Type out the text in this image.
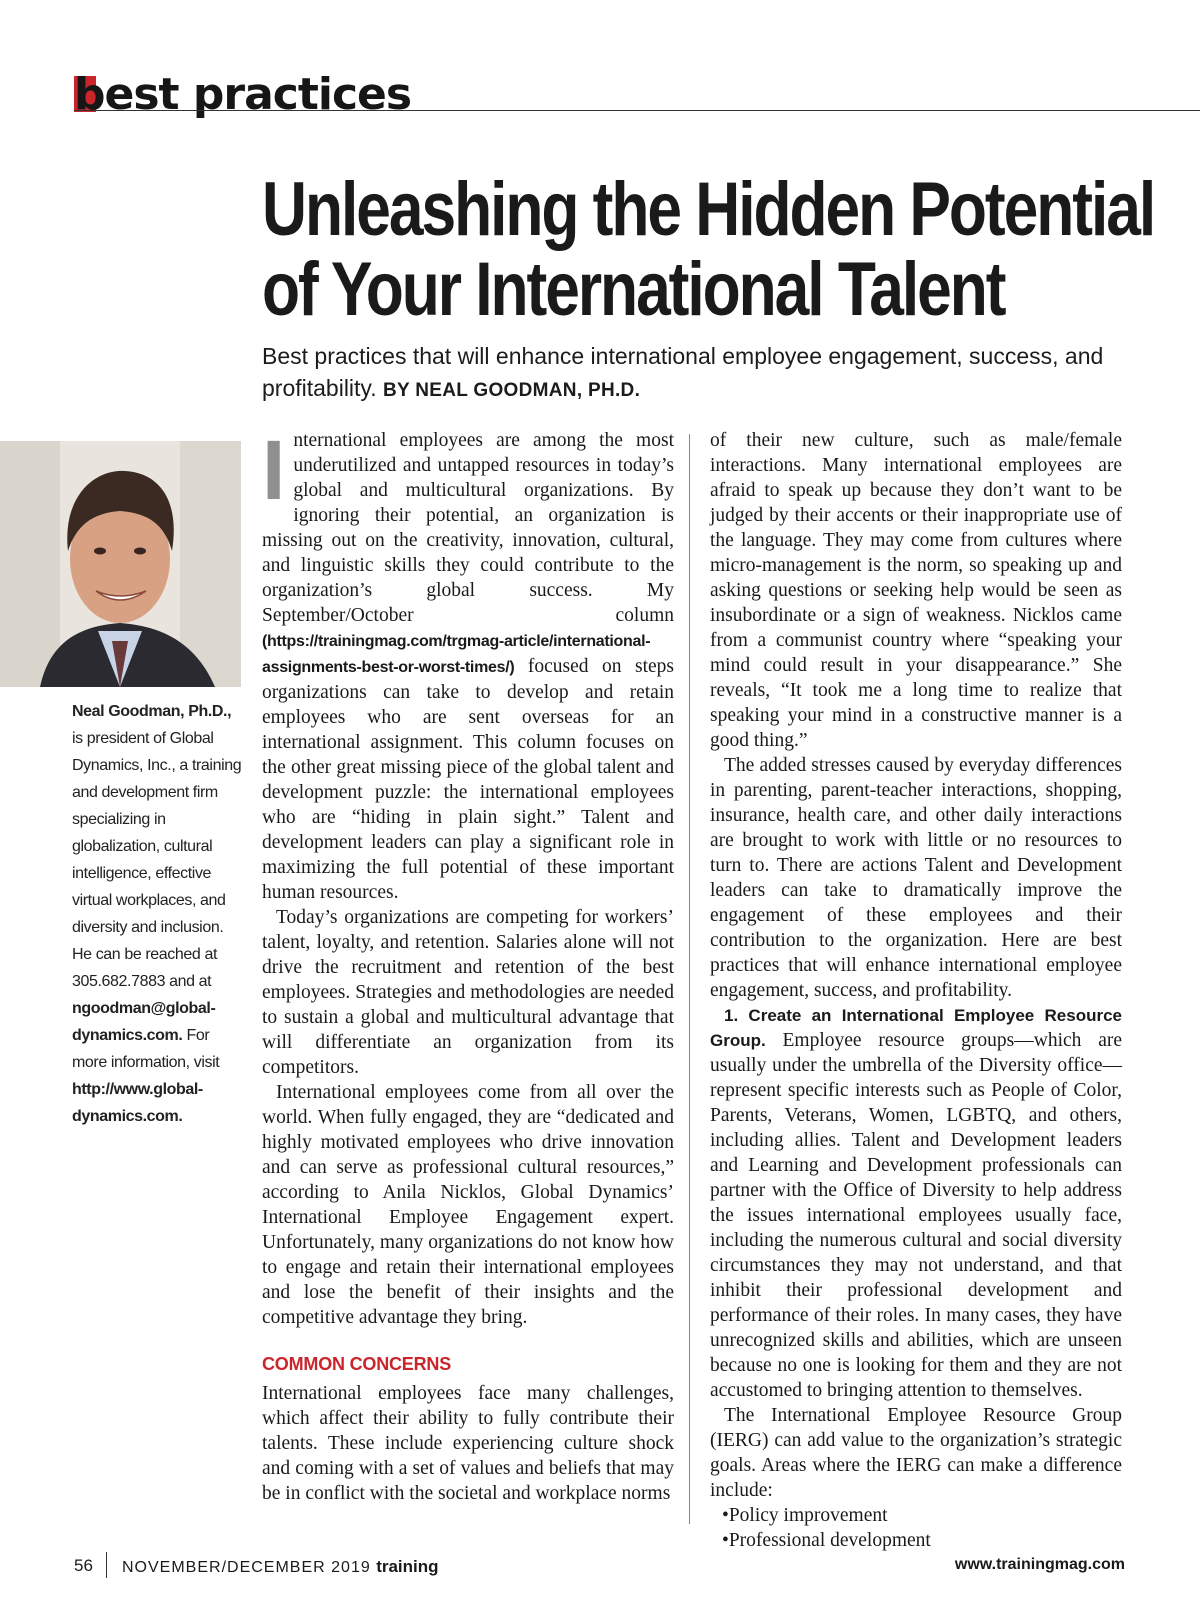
best practices
Unleashing the Hidden Potential
of Your International Talent
Best practices that will enhance international employee engagement, success, and profitability. BY NEAL GOODMAN, PH.D.
Neal Goodman, Ph.D., is president of Global Dynamics, Inc., a training and development firm specializing in globalization, cultural intelligence, effective virtual workplaces, and diversity and inclusion. He can be reached at 305.682.7883 and at ngoodman@global-dynamics.com. For more information, visit http://www.global-dynamics.com.

International employees are among the most underutilized and untapped resources in today’s global and multicultural organizations. By ignoring their potential, an organization is missing out on the creativity, innovation, cultural, and linguistic skills they could contribute to the organization’s global success. My September/October column (https://trainingmag.com/trgmag-article/international-assignments-best-or-worst-times/) focused on steps organizations can take to develop and retain employees who are sent overseas for an international assignment. This column focuses on the other great missing piece of the global talent and development puzzle: the international employees who are “hiding in plain sight.” Talent and development leaders can play a significant role in maximizing the full potential of these important human resources.

Today’s organizations are competing for workers’ talent, loyalty, and retention. Salaries alone will not drive the recruitment and retention of the best employees. Strategies and methodologies are needed to sustain a global and multicultural advantage that will differentiate an organization from its competitors.

International employees come from all over the world. When fully engaged, they are “dedicated and highly motivated employees who drive innovation and can serve as professional cultural resources,” according to Anila Nicklos, Global Dynamics’ International Employee Engagement expert. Unfortunately, many organizations do not know how to engage and retain their international employees and lose the benefit of their insights and the competitive advantage they bring.

COMMON CONCERNS

International employees face many challenges, which affect their ability to fully contribute their talents. These include experiencing culture shock and coming with a set of values and beliefs that may be in conflict with the societal and workplace norms

of their new culture, such as male/female interactions. Many international employees are afraid to speak up because they don’t want to be judged by their accents or their inappropriate use of the language. They may come from cultures where micro-management is the norm, so speaking up and asking questions or seeking help would be seen as insubordinate or a sign of weakness. Nicklos came from a communist country where “speaking your mind could result in your disappearance.” She reveals, “It took me a long time to realize that speaking your mind in a constructive manner is a good thing.”

The added stresses caused by everyday differences in parenting, parent-teacher interactions, shopping, insurance, health care, and other daily interactions are brought to work with little or no resources to turn to. There are actions Talent and Development leaders can take to dramatically improve the engagement of these employees and their contribution to the organization. Here are best practices that will enhance international employee engagement, success, and profitability.

1. Create an International Employee Resource Group. Employee resource groups—which are usually under the umbrella of the Diversity office—represent specific interests such as People of Color, Parents, Veterans, Women, LGBTQ, and others, including allies. Talent and Development leaders and Learning and Development professionals can partner with the Office of Diversity to help address the issues international employees usually face, including the numerous cultural and social diversity circumstances they may not understand, and that inhibit their professional development and performance of their roles. In many cases, they have unrecognized skills and abilities, which are unseen because no one is looking for them and they are not accustomed to bringing attention to themselves.

The International Employee Resource Group (IERG) can add value to the organization’s strategic goals. Areas where the IERG can make a difference include:

• Policy improvement
• Professional development
56 NOVEMBER/DECEMBER 2019 training	www.trainingmag.com
